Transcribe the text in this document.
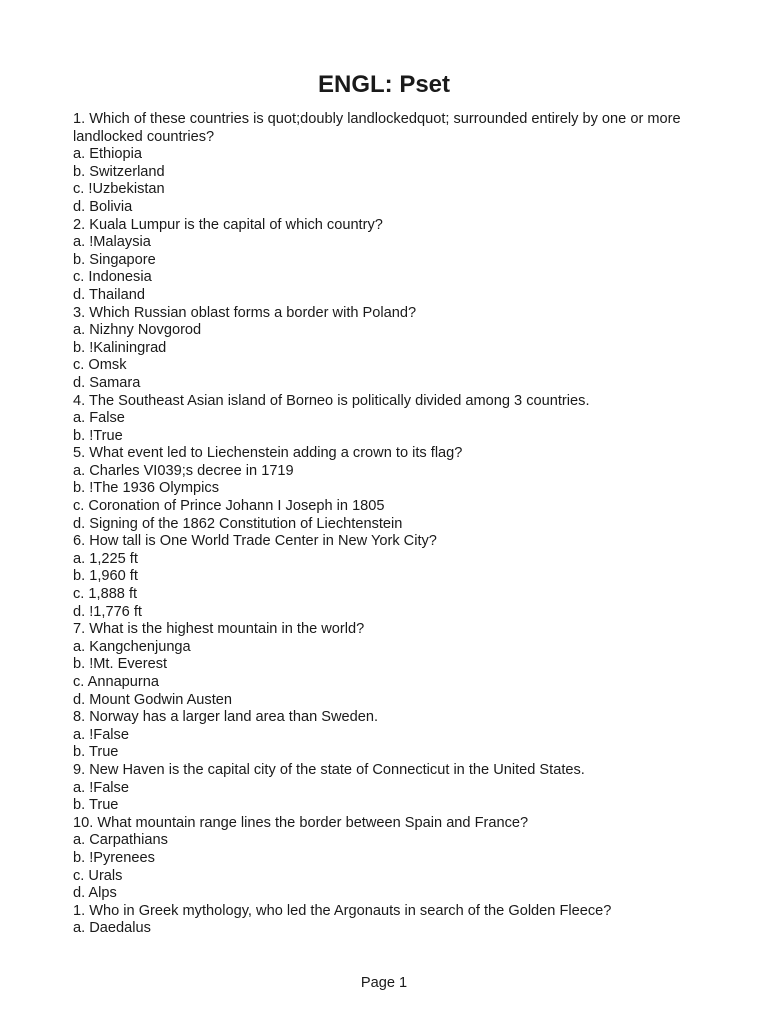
ENGL: Pset
1. Which of these countries is quot;doubly landlockedquot; surrounded entirely by one or more landlocked countries?
a. Ethiopia
b. Switzerland
c. !Uzbekistan
d. Bolivia
2. Kuala Lumpur is the capital of which country?
a. !Malaysia
b. Singapore
c. Indonesia
d. Thailand
3. Which Russian oblast forms a border with Poland?
a. Nizhny Novgorod
b. !Kaliningrad
c. Omsk
d. Samara
4. The Southeast Asian island of Borneo is politically divided among 3 countries.
a. False
b. !True
5. What event led to Liechenstein adding a crown to its flag?
a. Charles VI039;s decree in 1719
b. !The 1936 Olympics
c. Coronation of Prince Johann I Joseph in 1805
d. Signing of the 1862 Constitution of Liechtenstein
6. How tall is One World Trade Center in New York City?
a. 1,225 ft
b. 1,960 ft
c. 1,888 ft
d. !1,776 ft
7. What is the highest mountain in the world?
a. Kangchenjunga
b. !Mt. Everest
c. Annapurna
d. Mount Godwin Austen
8. Norway has a larger land area than Sweden.
a. !False
b. True
9. New Haven is the capital city of the state of Connecticut in the United States.
a. !False
b. True
10. What mountain range lines the border between Spain and France?
a. Carpathians
b. !Pyrenees
c. Urals
d. Alps
1. Who in Greek mythology, who led the Argonauts in search of the Golden Fleece?
a. Daedalus
Page 1
